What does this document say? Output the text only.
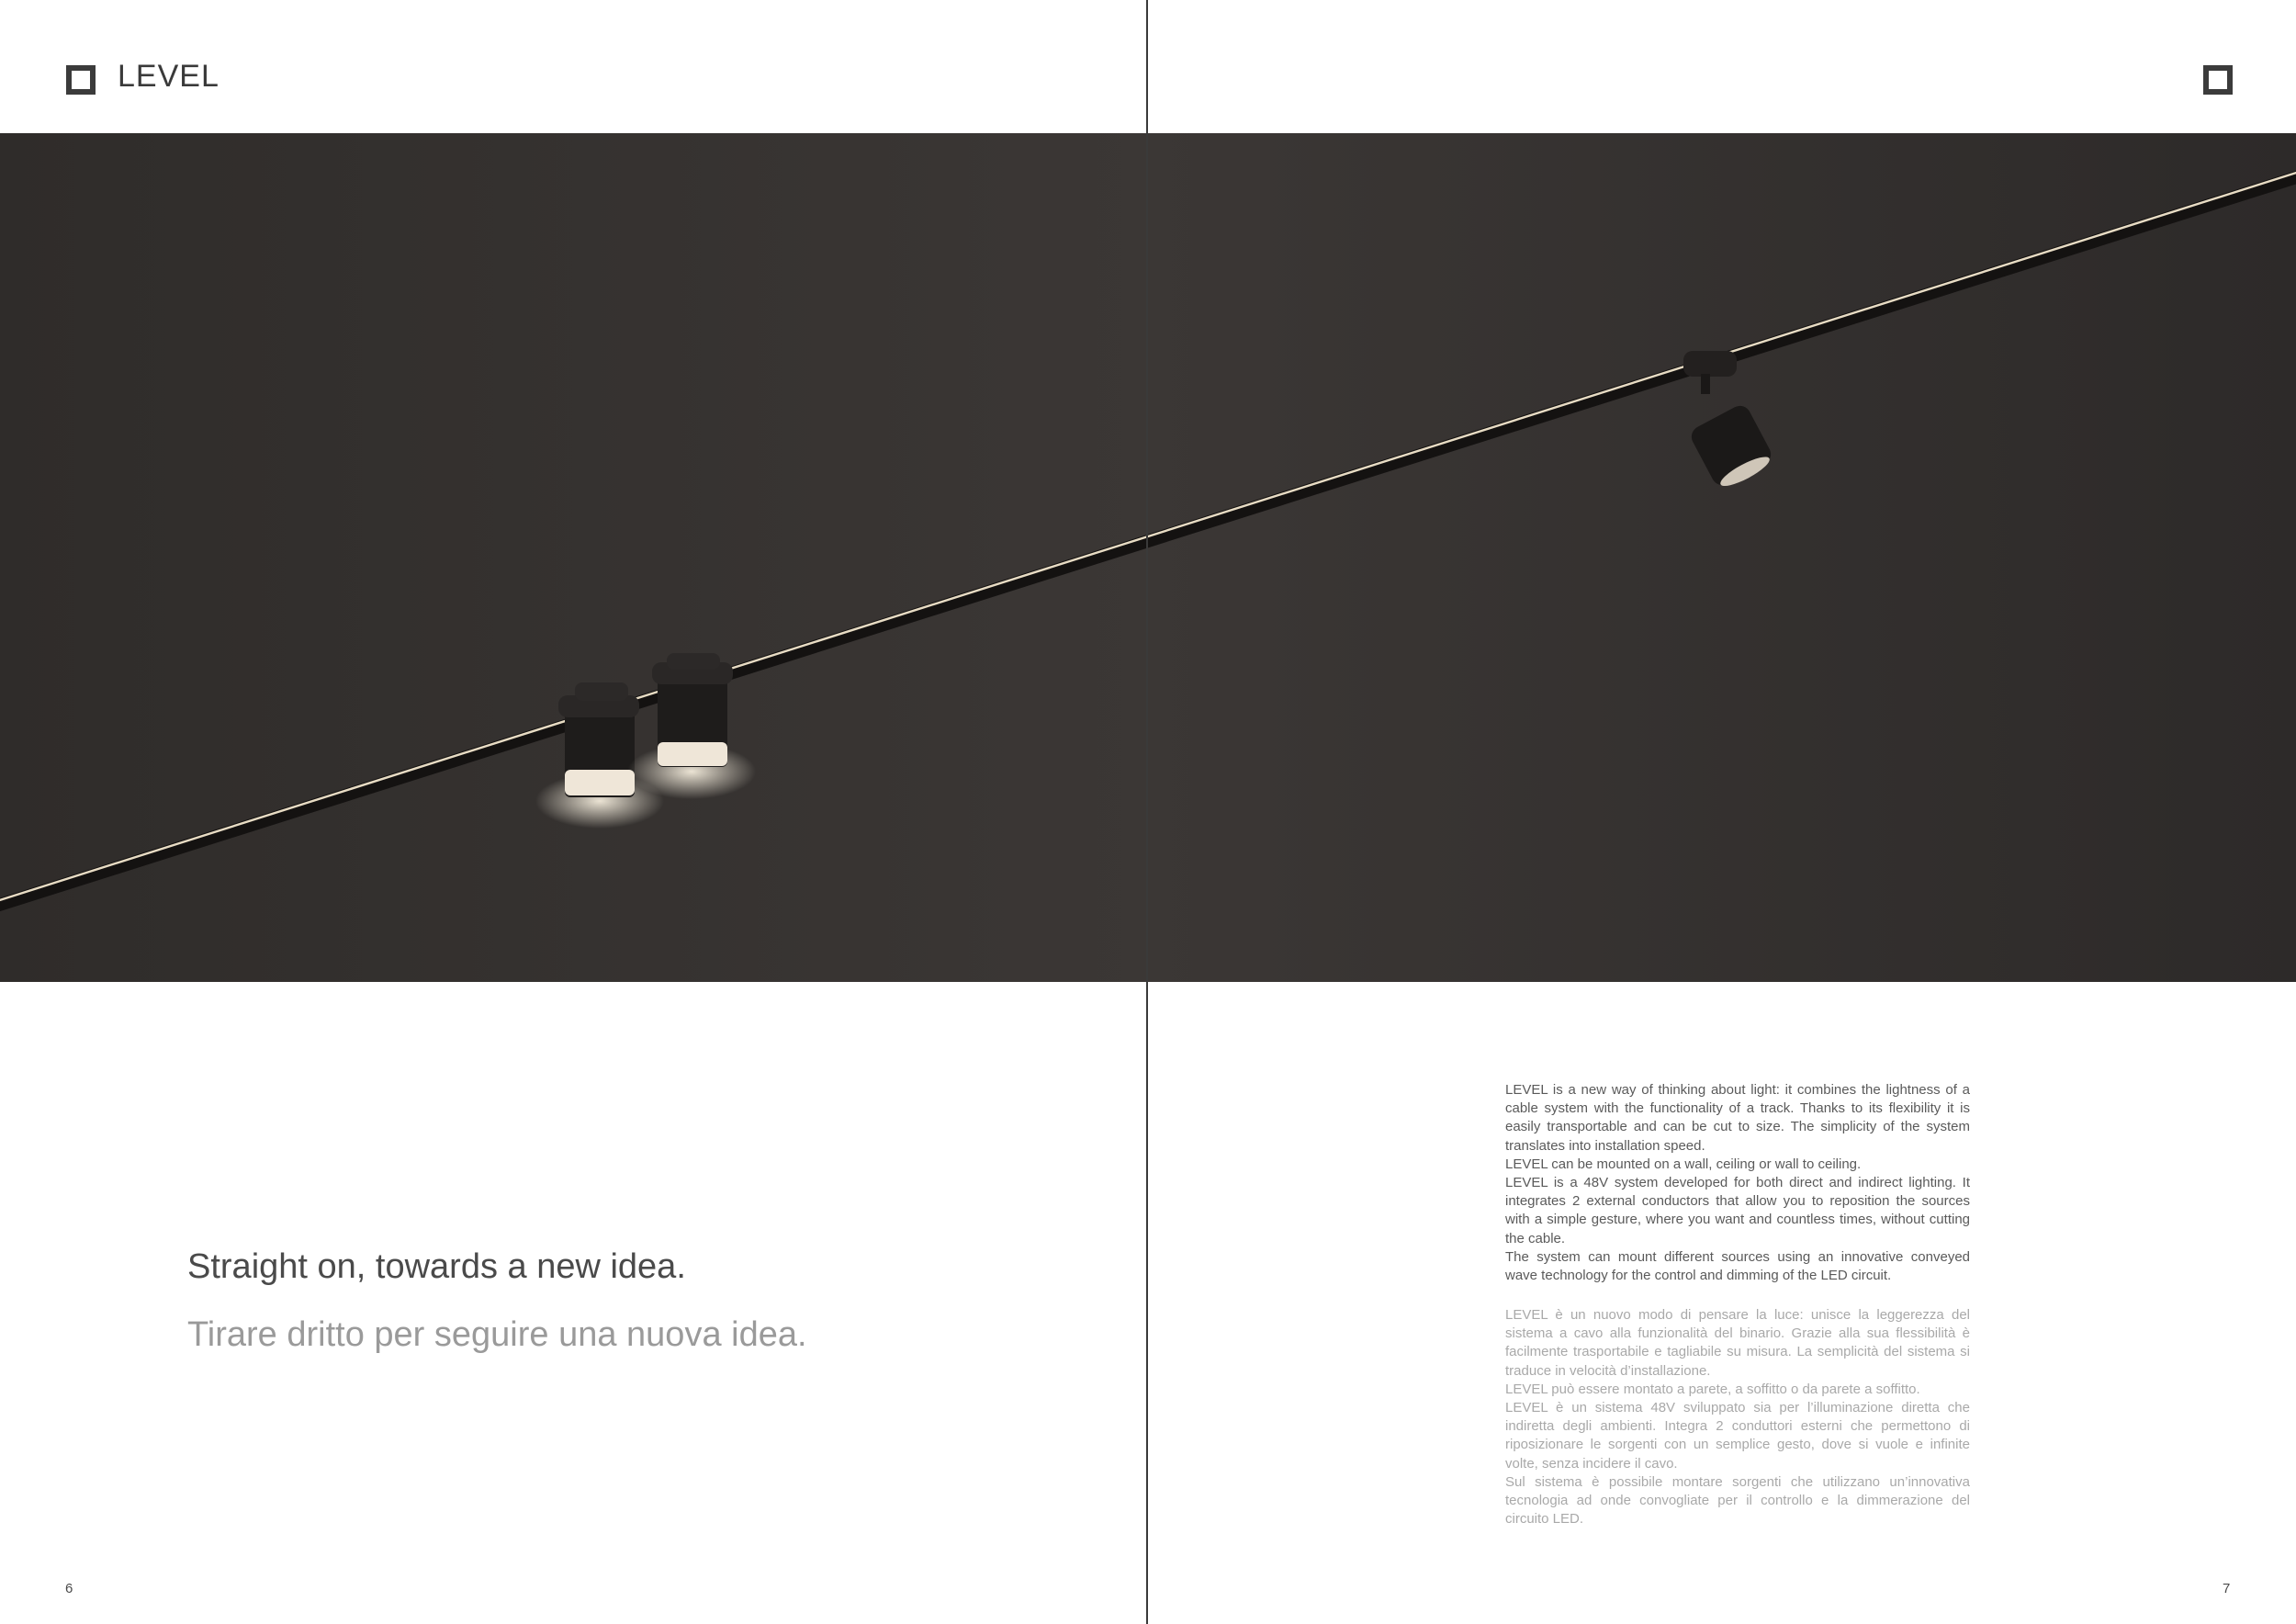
LEVEL
Straight on, towards a new idea.
Tirare dritto per seguire una nuova idea.

LEVEL is a new way of thinking about light: it combines the lightness of a cable system with the functionality of a track. Thanks to its flexibility it is easily transportable and can be cut to size. The simplicity of the system translates into installation speed.

LEVEL can be mounted on a wall, ceiling or wall to ceiling.

LEVEL is a 48V system developed for both direct and indirect lighting. It integrates 2 external conductors that allow you to reposition the sources with a simple gesture, where you want and countless times, without cutting the cable.

The system can mount different sources using an innovative conveyed wave technology for the control and dimming of the LED circuit.

LEVEL è un nuovo modo di pensare la luce: unisce la leggerezza del sistema a cavo alla funzionalità del binario. Grazie alla sua flessibilità è facilmente trasportabile e tagliabile su misura. La semplicità del sistema si traduce in velocità d’installazione.

LEVEL può essere montato a parete, a soffitto o da parete a soffitto.

LEVEL è un sistema 48V sviluppato sia per l’illuminazione diretta che indiretta degli ambienti. Integra 2 conduttori esterni che permettono di riposizionare le sorgenti con un semplice gesto, dove si vuole e infinite volte, senza incidere il cavo.

Sul sistema è possibile montare sorgenti che utilizzano un’innovativa tecnologia ad onde convogliate per il controllo e la dimmerazione del circuito LED.

6	7
